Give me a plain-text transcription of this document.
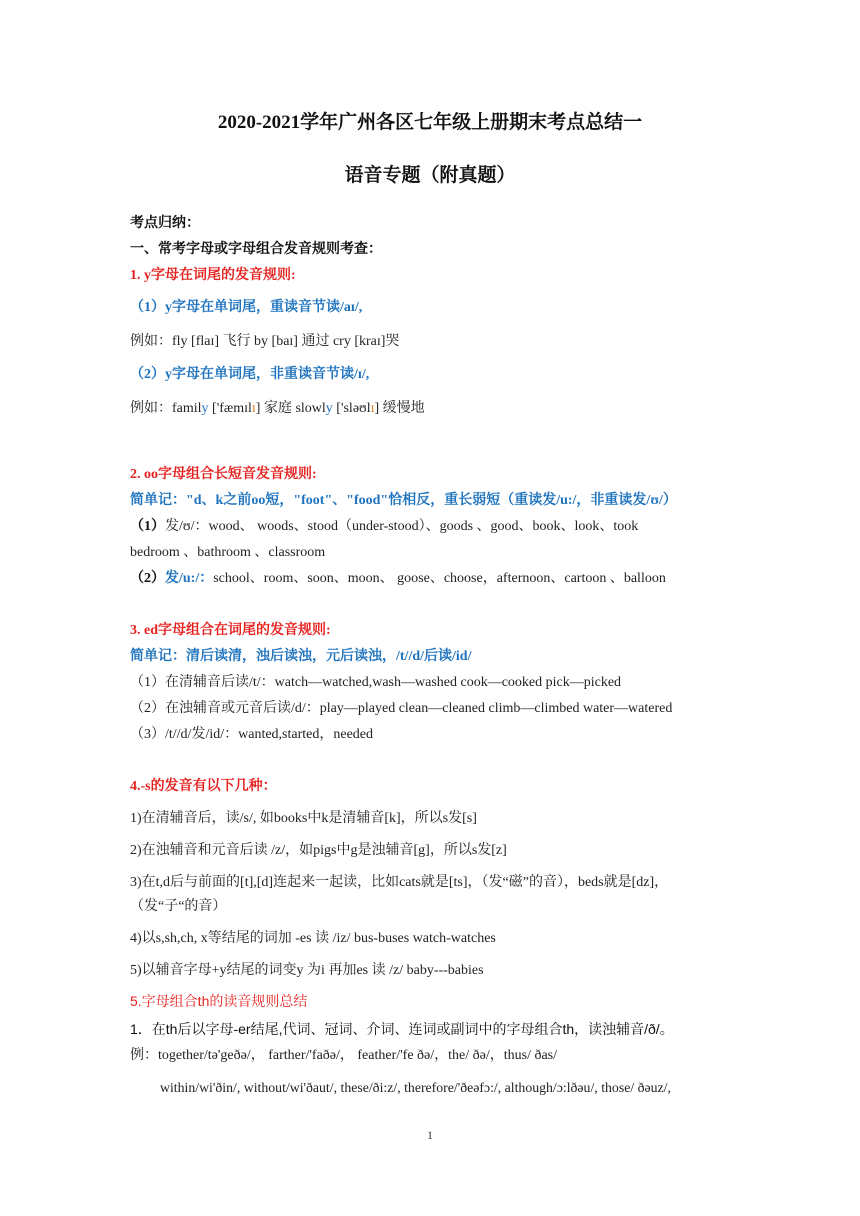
2020-2021学年广州各区七年级上册期末考点总结一
语音专题（附真题）
考点归纳：
一、常考字母或字母组合发音规则考查：
1. y字母在词尾的发音规则:
（1）y字母在单词尾，重读音节读/aɪ/,
例如：fly [flaɪ] 飞行 by [baɪ] 通过 cry [kraɪ]哭
（2）y字母在单词尾，非重读音节读/ɪ/,
例如：family ['fæmɪlɪ] 家庭 slowly ['sləʊlɪ] 缓慢地
2. oo字母组合长短音发音规则:
简单记："d、k之前oo短，"foot"、"food"恰相反，重长弱短（重读发/u:/，非重读发/ʊ/）
（1）发/ʊ/：wood、 woods、stood（under-stood）、goods 、good、book、look、took
bedroom 、bathroom 、classroom
（2）发/u:/：school、room、soon、moon、 goose、choose，afternoon、cartoon 、balloon
3. ed字母组合在词尾的发音规则:
简单记：清后读清，浊后读浊，元后读浊，/t//d/后读/id/
（1）在清辅音后读/t/：watch—watched,wash—washed cook—cooked pick—picked
（2）在浊辅音或元音后读/d/：play—played clean—cleaned climb—climbed water—watered
（3）/t//d/发/id/：wanted,started，needed
4.-s的发音有以下几种：
1)在清辅音后，读/s/, 如books中k是清辅音[k]，所以s发[s]
2)在浊辅音和元音后读 /z/，如pigs中g是浊辅音[g]，所以s发[z]
3)在t,d后与前面的[t],[d]连起来一起读，比如cats就是[ts]，（发“磁”的音），beds就是[dz]，
（发“子“的音）
4)以s,sh,ch, x等结尾的词加 -es 读 /iz/ bus-buses watch-watches
5)以辅音字母+y结尾的词变y 为i 再加es 读 /z/ baby---babies
5.字母组合th的读音规则总结
1．在th后以字母-er结尾,代词、冠词、介词、连词或副词中的字母组合th，读浊辅音/ð/。
例：together/tə'geðə/， farther/'faðə/， feather/'fe ðə/，the/ ðə/，thus/ ðas/
within/wi'ðin/, without/wi'ðaut/, these/ði:z/, therefore/'ðeəfɔ:/, although/ɔ:lðəu/, those/ ðəuz/,
1
